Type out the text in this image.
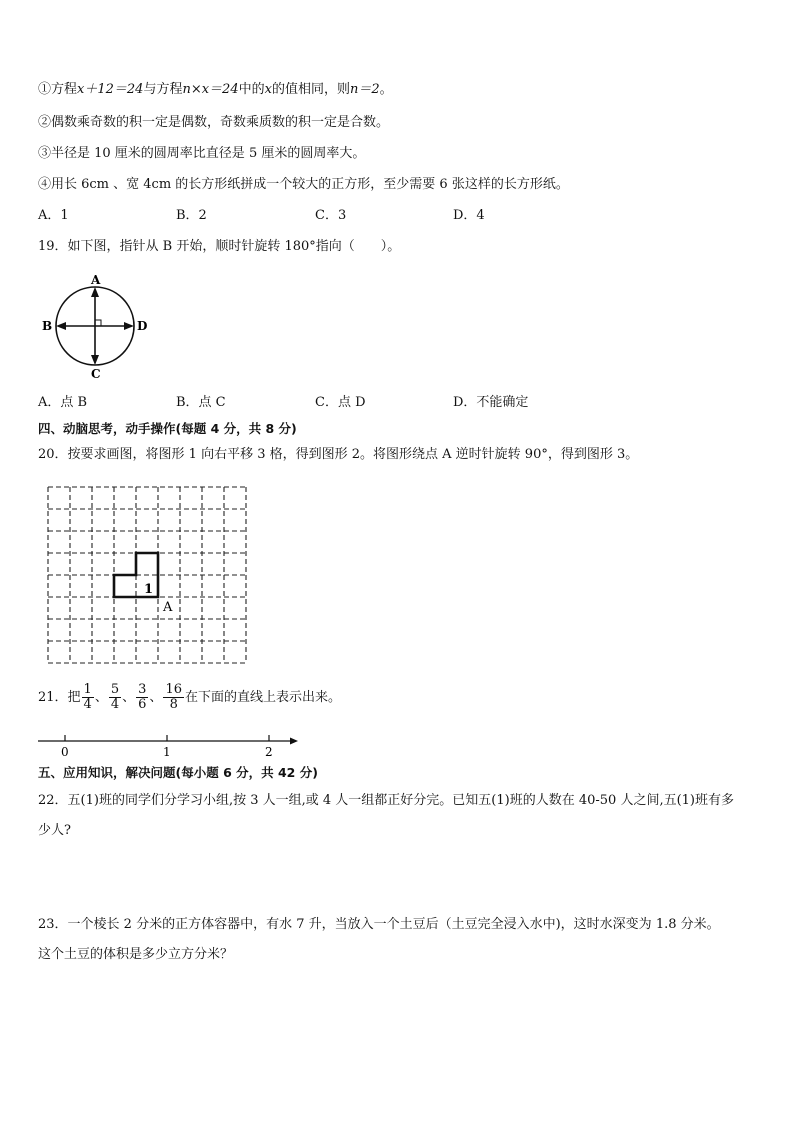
①方程x＋12＝24与方程n×x＝24中的x的值相同，则n＝2。
②偶数乘奇数的积一定是偶数，奇数乘质数的积一定是合数。
③半径是 10 厘米的圆周率比直径是 5 厘米的圆周率大。
④用长 6cm 、宽 4cm 的长方形纸拼成一个较大的正方形，至少需要 6 张这样的长方形纸。
A．1	B．2	C．3	D．4
19．如下图，指针从 B 开始，顺时针旋转 180°指向（　　）。
A
B	D
C
A．点 B	B．点 C	C．点 D	D．不能确定
四、动脑思考，动手操作(每题 4 分，共 8 分)
20．按要求画图，将图形 1 向右平移 3 格，得到图形 2。将图形绕点 A 逆时针旋转 90°，得到图形 3。
1
A
21．把 $\frac{1}{4}$ 、 $\frac{5}{4}$ 、 $\frac{3}{6}$ 、 $\frac{16}{8}$ 在下面的直线上表示出来。
0	1	2
五、应用知识，解决问题(每小题 6 分，共 42 分)
22．五(1)班的同学们分学习小组,按 3 人一组,或 4 人一组都正好分完。已知五(1)班的人数在 40-50 人之间,五(1)班有多
少人?
23．一个棱长 2 分米的正方体容器中，有水 7 升，当放入一个土豆后（土豆完全浸入水中)，这时水深变为 1.8 分米。
这个土豆的体积是多少立方分米？
